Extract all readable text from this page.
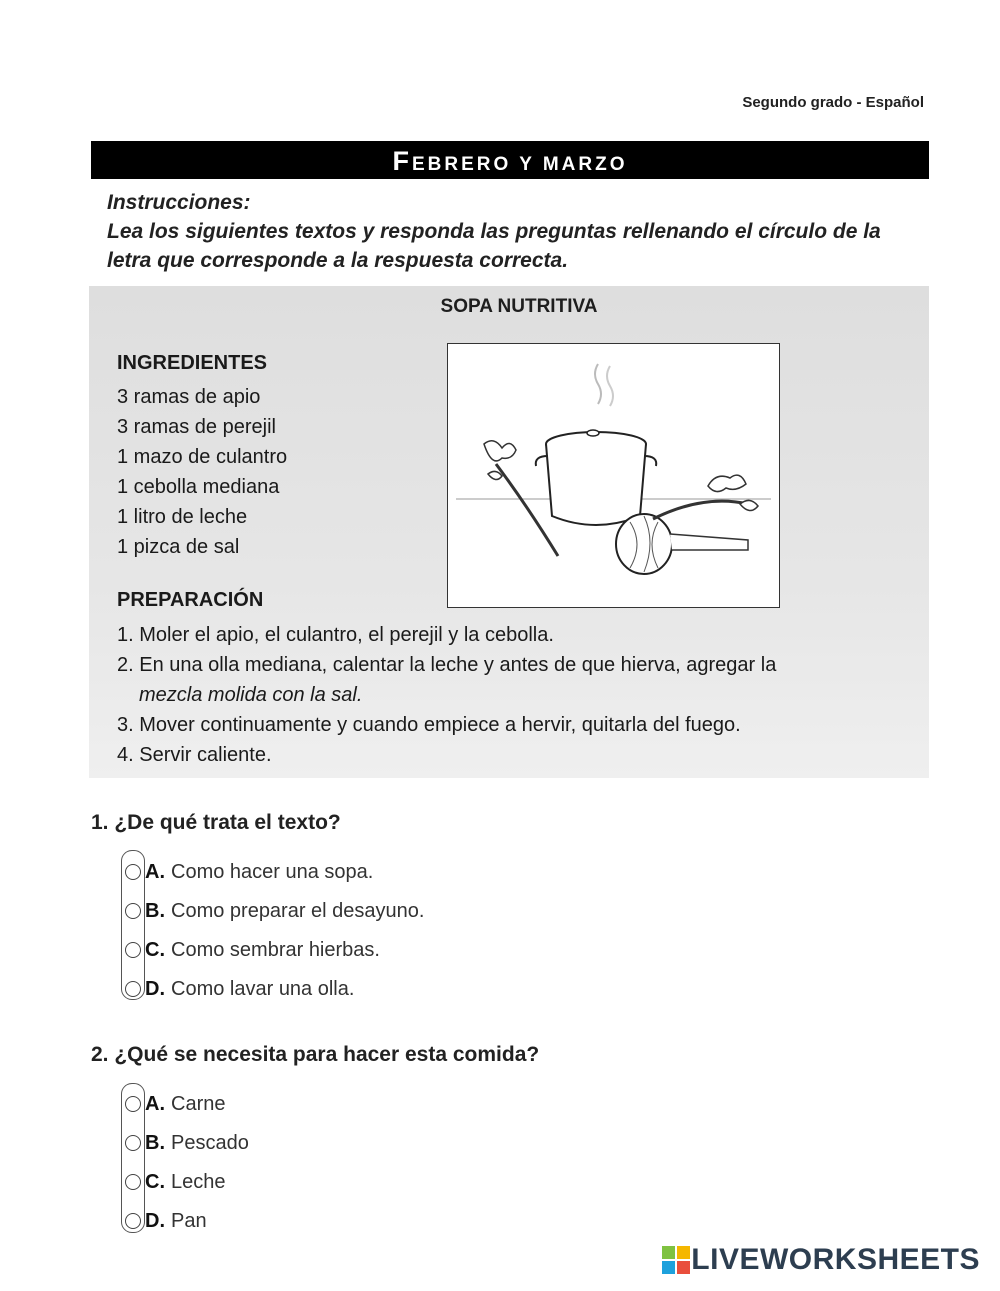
Segundo grado - Español
FEBRERO Y MARZO
Instrucciones:
Lea los siguientes textos y responda las preguntas rellenando el círculo de la letra que corresponde a la respuesta correcta.
SOPA NUTRITIVA
INGREDIENTES
3 ramas de apio
3 ramas de perejil
1 mazo de culantro
1 cebolla mediana
1 litro de leche
1 pizca de sal
PREPARACIÓN
1. Moler el apio, el culantro, el perejil y la cebolla.
2. En una olla mediana, calentar la leche y antes de que hierva, agregar la
mezcla molida con la sal.
3. Mover continuamente y cuando empiece a hervir, quitarla del fuego.
4. Servir caliente.
1. ¿De qué trata el texto?
A. Como hacer una sopa.
B. Como preparar el desayuno.
C. Como sembrar hierbas.
D. Como lavar una olla.
2. ¿Qué se necesita para hacer esta comida?
A. Carne
B. Pescado
C. Leche
D. Pan
LIVEWORKSHEETS
